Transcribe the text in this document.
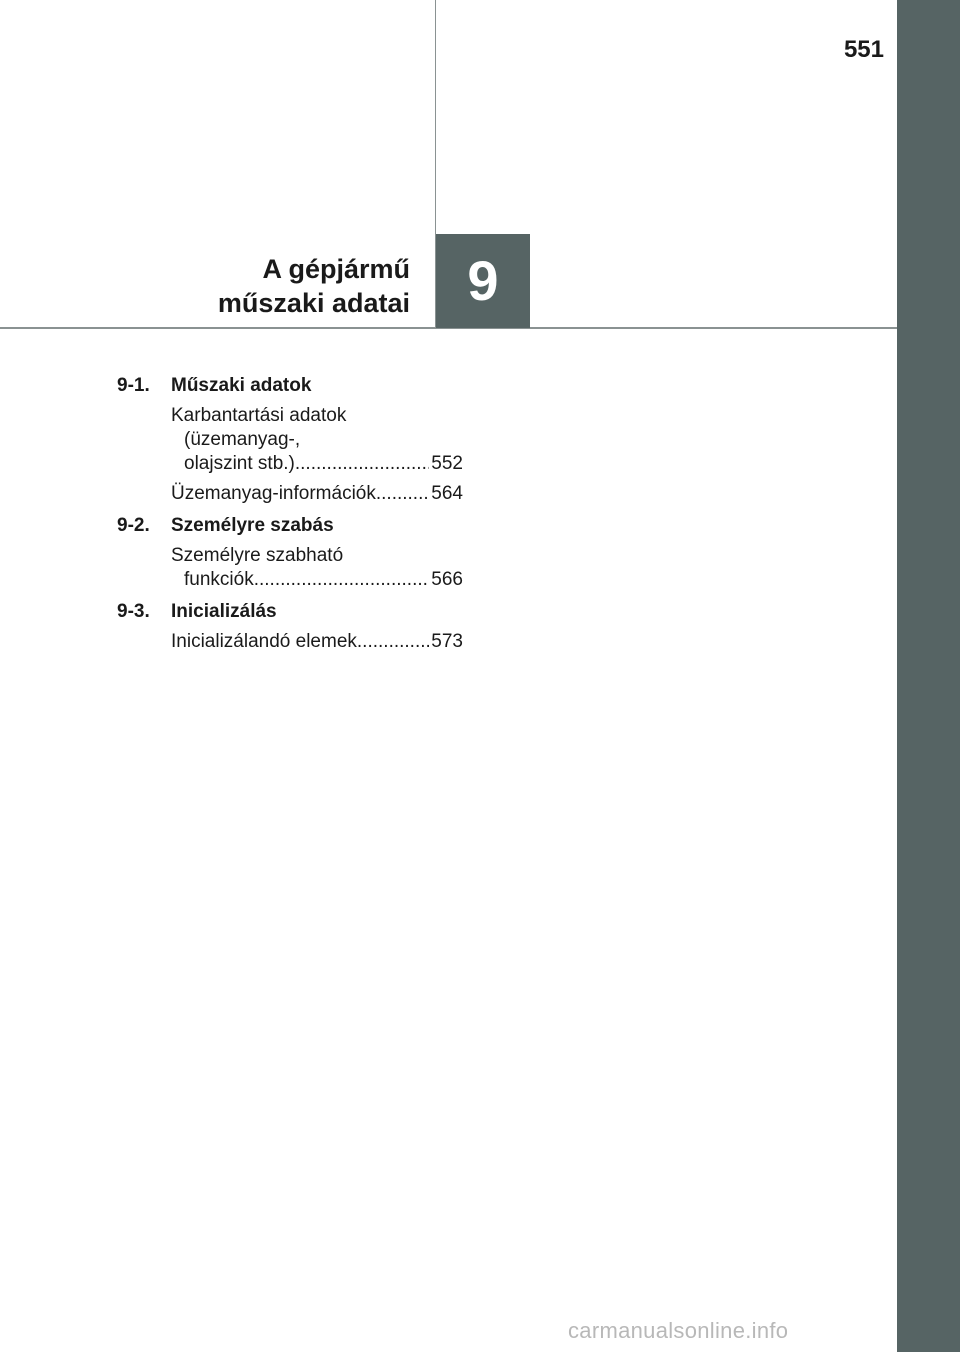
551
9
A gépjármű
műszaki adatai
9-1.	Műszaki adatok
Karbantartási adatok
(üzemanyag-,
olajszint stb.) .....	552
Üzemanyag-információk .....	564
9-2.	Személyre szabás
Személyre szabható
funkciók .....	566
9-3.	Inicializálás
Inicializálandó elemek .....	573
carmanualsonline.info
